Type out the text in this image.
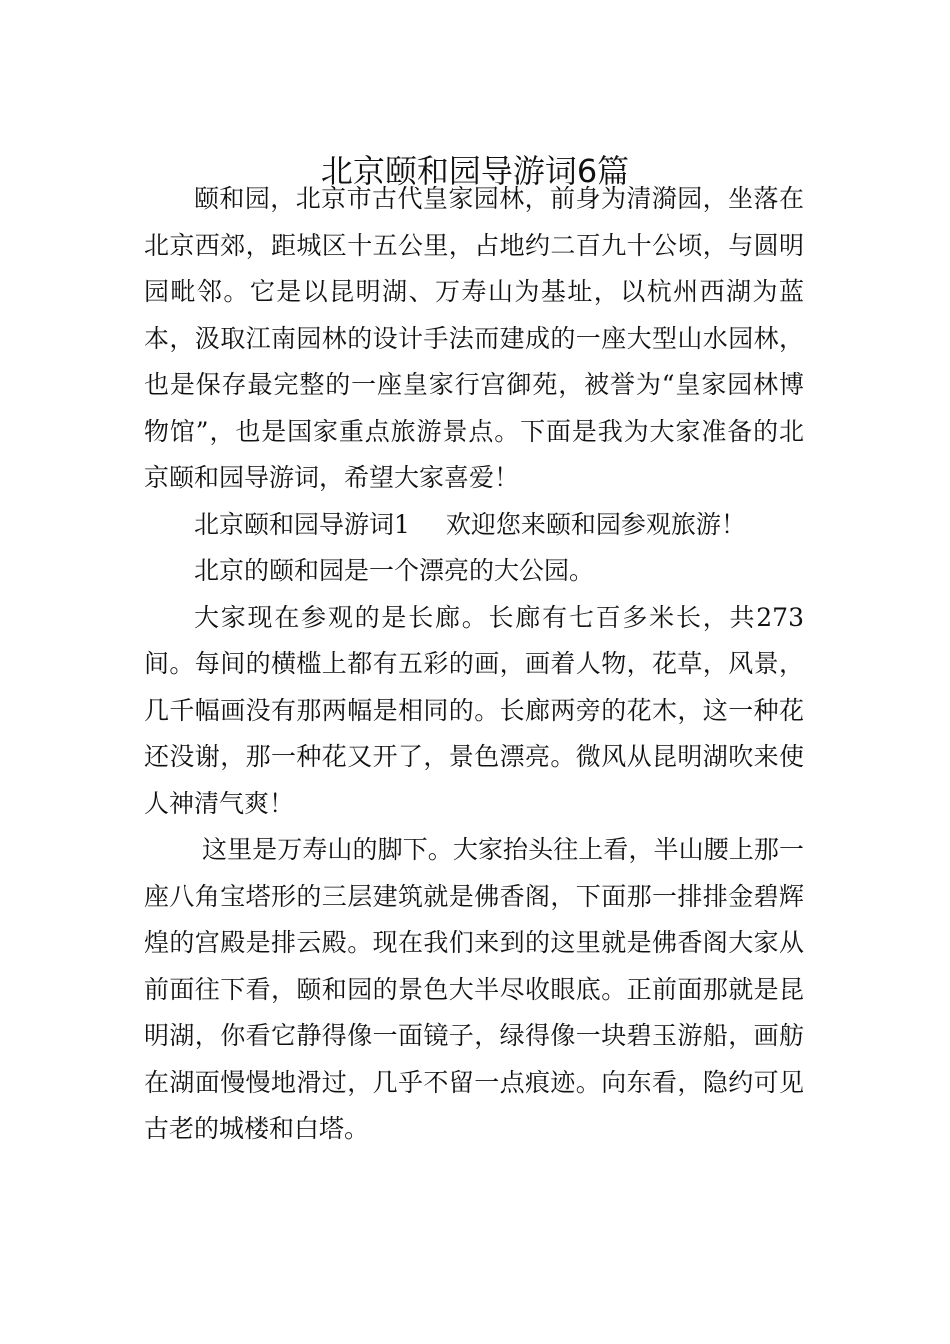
北京颐和园导游词6篇

颐和园，北京市古代皇家园林，前身为清漪园，坐落在北京西郊，距城区十五公里，占地约二百九十公顷，与圆明园毗邻。它是以昆明湖、万寿山为基址，以杭州西湖为蓝本，汲取江南园林的设计手法而建成的一座大型山水园林，也是保存最完整的一座皇家行宫御苑，被誉为“皇家园林博物馆”，也是国家重点旅游景点。下面是我为大家准备的北京颐和园导游词，希望大家喜爱！

北京颐和园导游词1 欢迎您来颐和园参观旅游！

北京的颐和园是一个漂亮的大公园。

大家现在参观的是长廊。长廊有七百多米长，共273间。每间的横槛上都有五彩的画，画着人物，花草，风景，几千幅画没有那两幅是相同的。长廊两旁的花木，这一种花还没谢，那一种花又开了，景色漂亮。微风从昆明湖吹来使人神清气爽！

这里是万寿山的脚下。大家抬头往上看，半山腰上那一座八角宝塔形的三层建筑就是佛香阁，下面那一排排金碧辉煌的宫殿是排云殿。现在我们来到的这里就是佛香阁大家从前面往下看，颐和园的景色大半尽收眼底。正前面那就是昆明湖，你看它静得像一面镜子，绿得像一块碧玉游船，画舫在湖面慢慢地滑过，几乎不留一点痕迹。向东看，隐约可见古老的城楼和白塔。
